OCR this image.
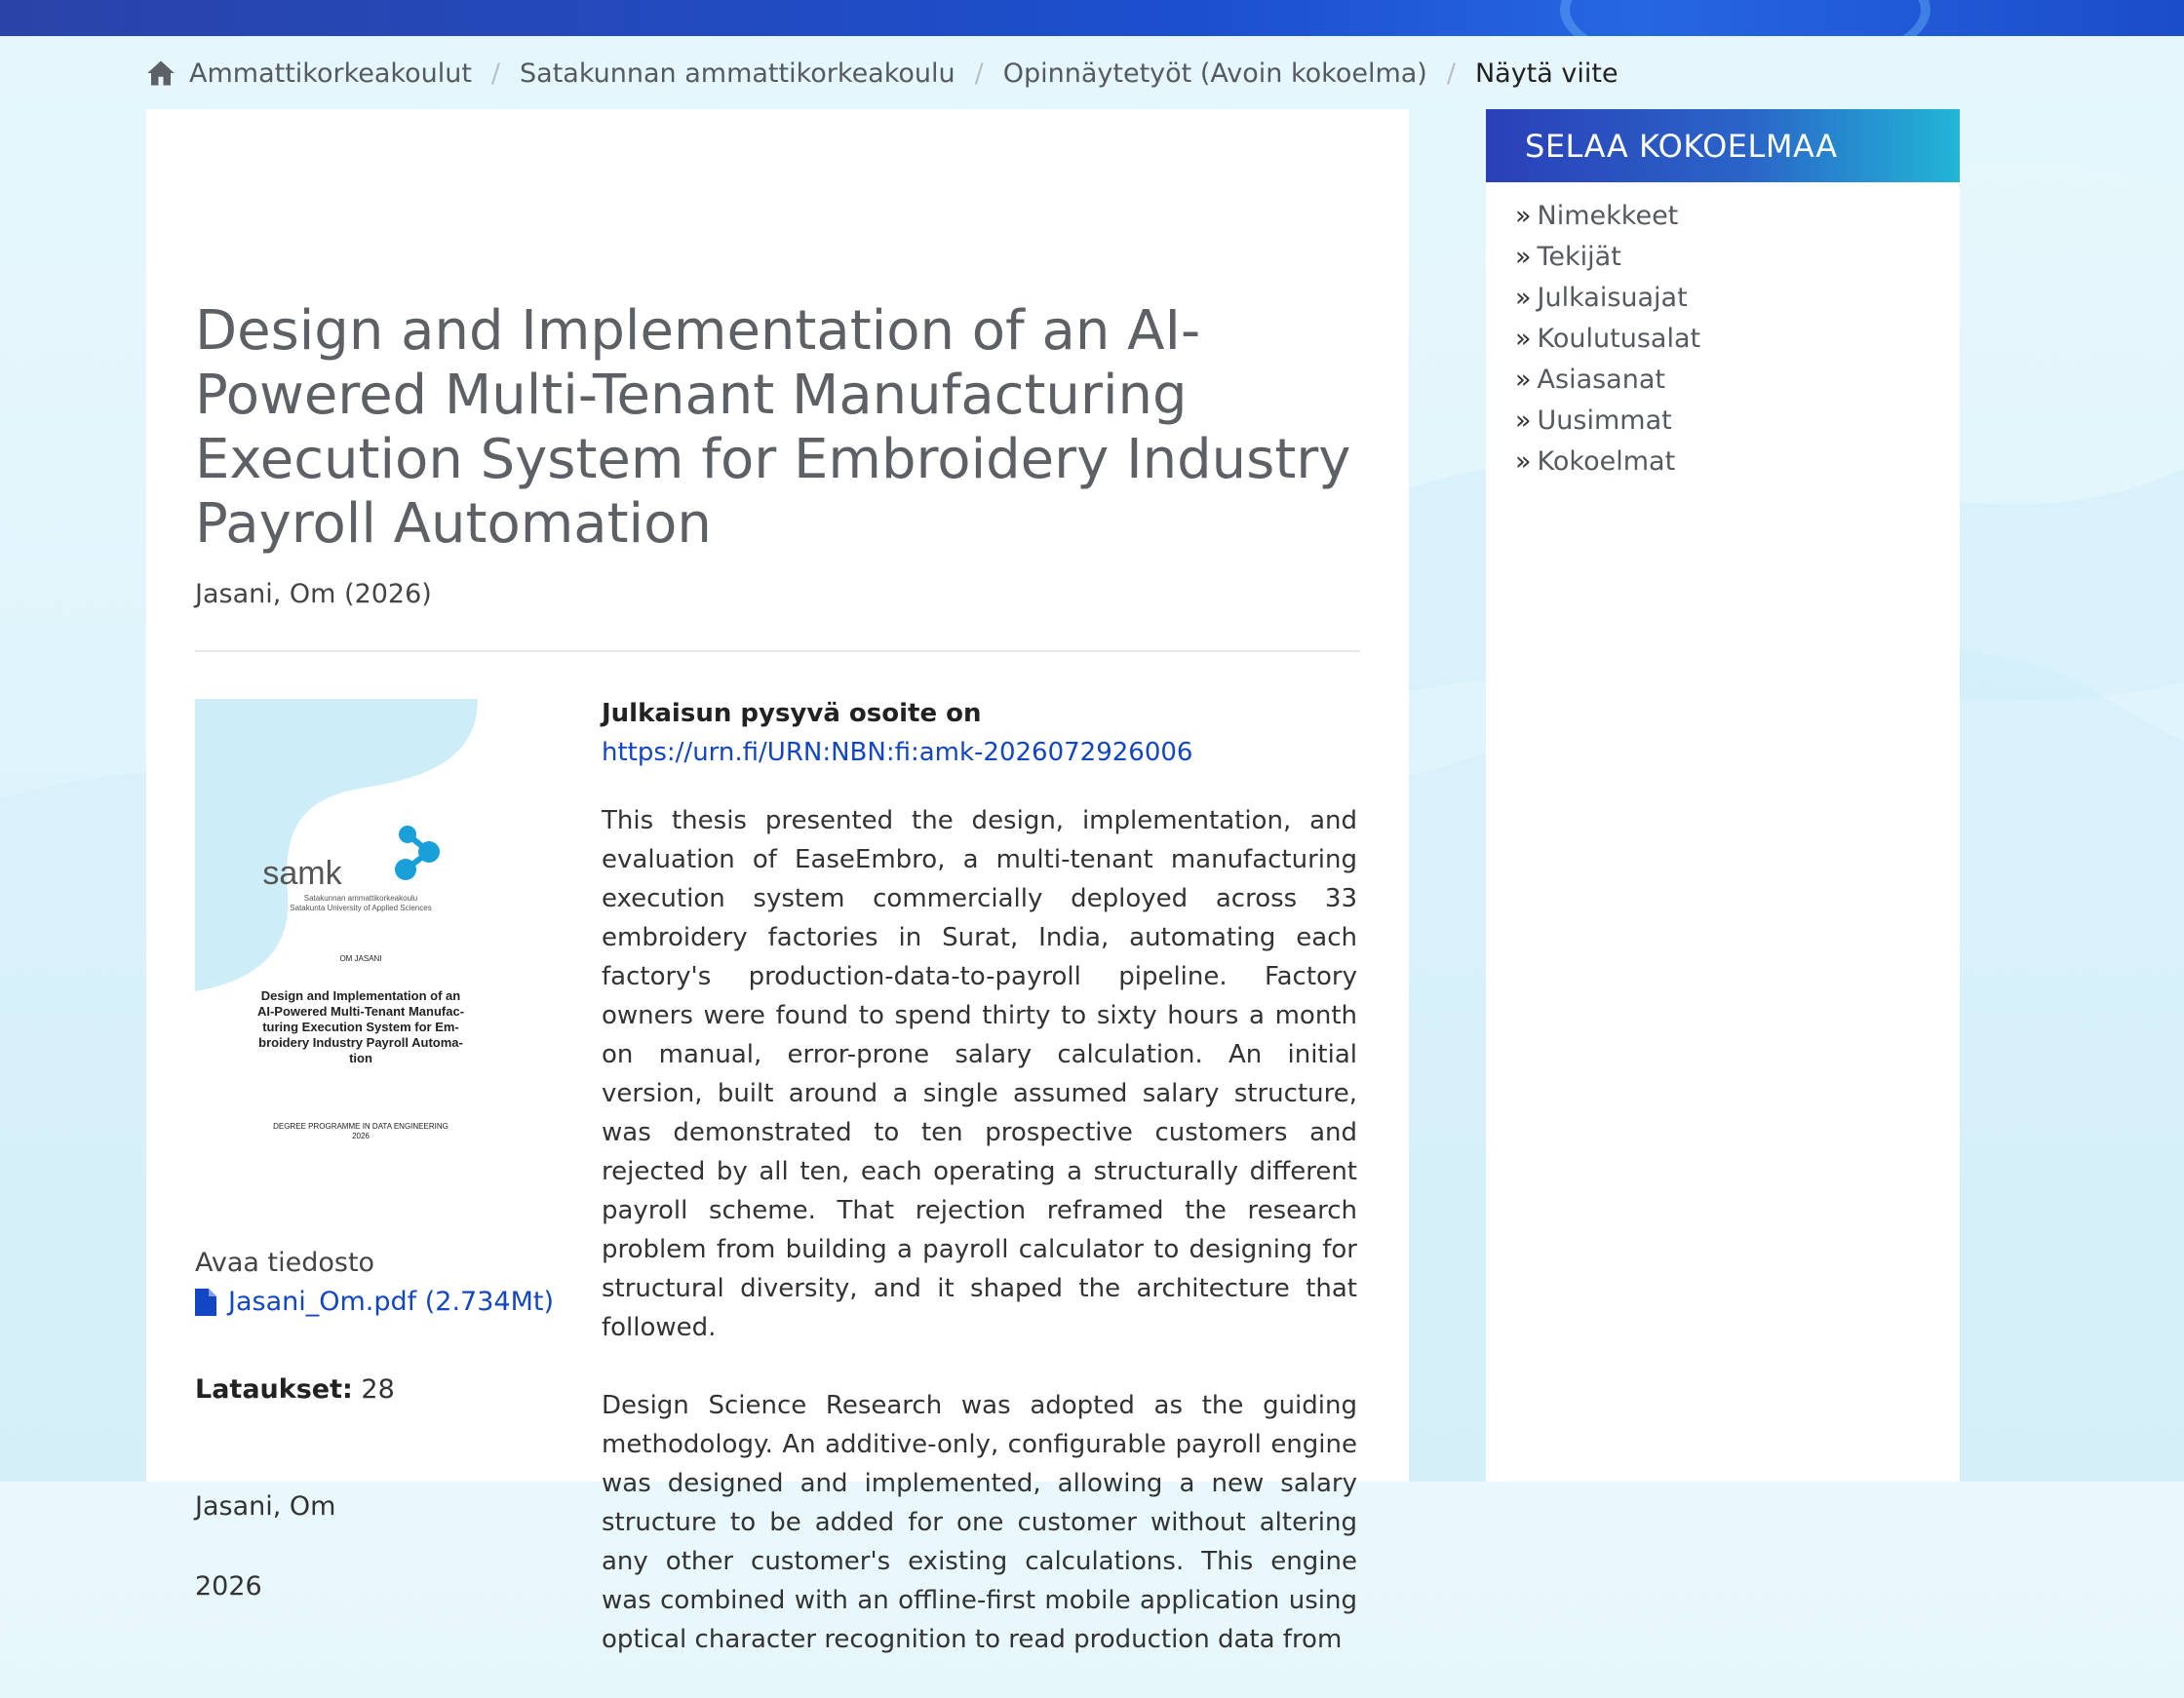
Ammattikorkeakoulut / Satakunnan ammattikorkeakoulu / Opinnäytetyöt (Avoin kokoelma) / Näytä viite
Design and Implementation of an AI-Powered Multi-Tenant Manufacturing Execution System for Embroidery Industry Payroll Automation
Jasani, Om (2026)
samk
Satakunnan ammattikorkeakoulu
Satakunta University of Applied Sciences
OM JASANI
Design and Implementation of an
AI-Powered Multi-Tenant Manufac-
turing Execution System for Em-
broidery Industry Payroll Automa-
tion
DEGREE PROGRAMME IN DATA ENGINEERING
2026
Avaa tiedosto
Jasani_Om.pdf (2.734Mt)
Lataukset: 28
Jasani, Om
2026
Julkaisun pysyvä osoite on
https://urn.fi/URN:NBN:fi:amk-2026072926006

This thesis presented the design, implementation, and evaluation of EaseEmbro, a multi-tenant manufacturing execution system commercially deployed across 33 embroidery factories in Surat, India, automating each factory's production-data-to-payroll pipeline. Factory owners were found to spend thirty to sixty hours a month on manual, error-prone salary calculation. An initial version, built around a single assumed salary structure, was demonstrated to ten prospective customers and rejected by all ten, each operating a structurally different payroll scheme. That rejection reframed the research problem from building a payroll calculator to designing for structural diversity, and it shaped the architecture that followed.

Design Science Research was adopted as the guiding methodology. An additive-only, configurable payroll engine was designed and implemented, allowing a new salary structure to be added for one customer without altering any other customer's existing calculations. This engine was combined with an offline-first mobile application using optical character recognition to read production data from

SELAA KOKOELMAA
» Nimekkeet
» Tekijät
» Julkaisuajat
» Koulutusalat
» Asiasanat
» Uusimmat
» Kokoelmat
